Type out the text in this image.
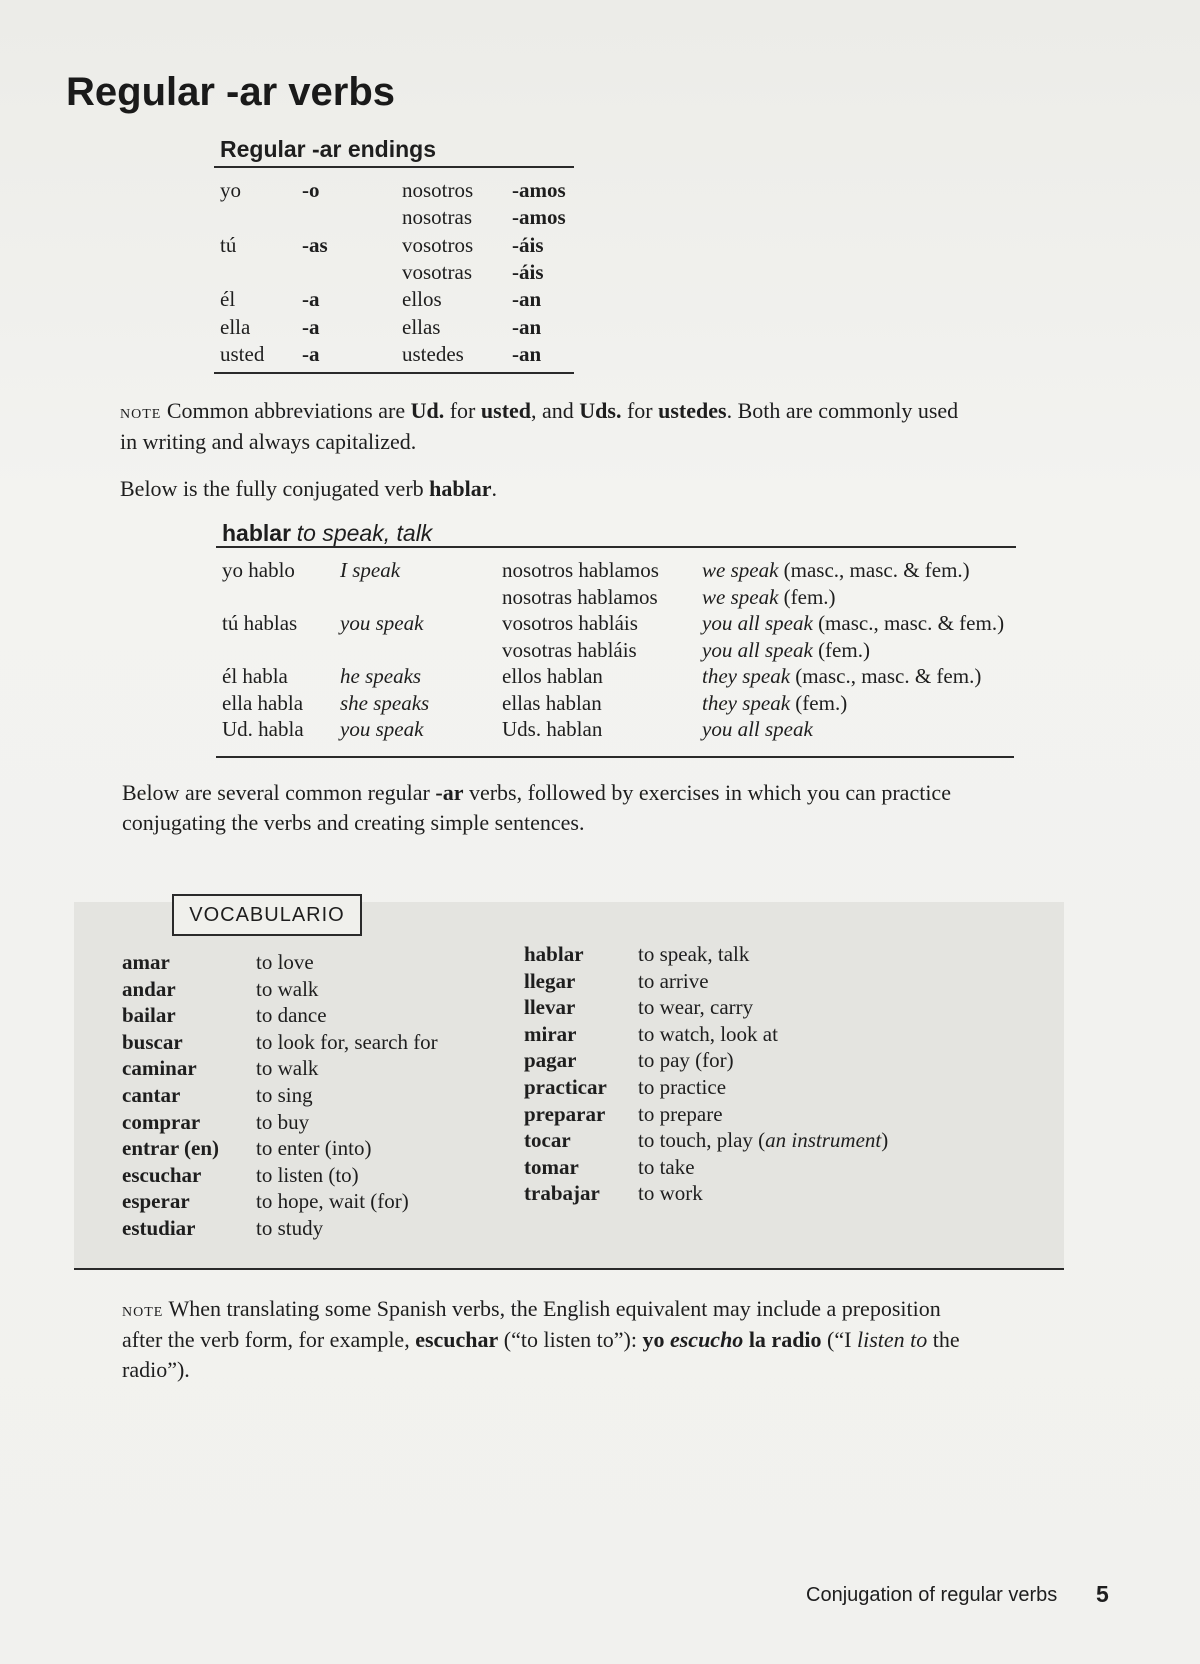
Regular -ar verbs
Regular -ar endings
yo	-o	nosotros -amos
nosotras -amos
tú	-as	vosotros -áis
vosotras -áis
él	-a	ellos	-an
ella -a	ellas	-an
usted -a	ustedes -an
note Common abbreviations are Ud. for usted, and Uds. for ustedes. Both are commonly used
in writing and always capitalized.
Below is the fully conjugated verb hablar.
hablar to speak, talk
yo hablo I speak	nosotros hablamos we speak (masc., masc. & fem.)
nosotras hablamos we speak (fem.)
tú hablas you speak	vosotros habláis	you all speak (masc., masc. & fem.)
vosotras habláis	you all speak (fem.)
él habla he speaks	ellos hablan	they speak (masc., masc. & fem.)
ella habla she speaks	ellas hablan	they speak (fem.)
Ud. habla you speak	Uds. hablan	you all speak
Below are several common regular -ar verbs, followed by exercises in which you can practice
conjugating the verbs and creating simple sentences.
VOCABULARIO
amar	to love
andar	to walk
bailar	to dance
buscar	to look for, search for
caminar	to walk
cantar	to sing
comprar	to buy
entrar (en) to enter (into)
escuchar	to listen (to)
esperar	to hope, wait (for)
estudiar	to study
hablar	to speak, talk
llegar	to arrive
llevar	to wear, carry
mirar	to watch, look at
pagar	to pay (for)
practicar to practice
preparar to prepare
tocar	to touch, play (an instrument)
tomar	to take
trabajar to work
note When translating some Spanish verbs, the English equivalent may include a preposition
after the verb form, for example, escuchar (“to listen to”): yo escucho la radio (“I listen to the
radio”).
Conjugation of regular verbs 5
